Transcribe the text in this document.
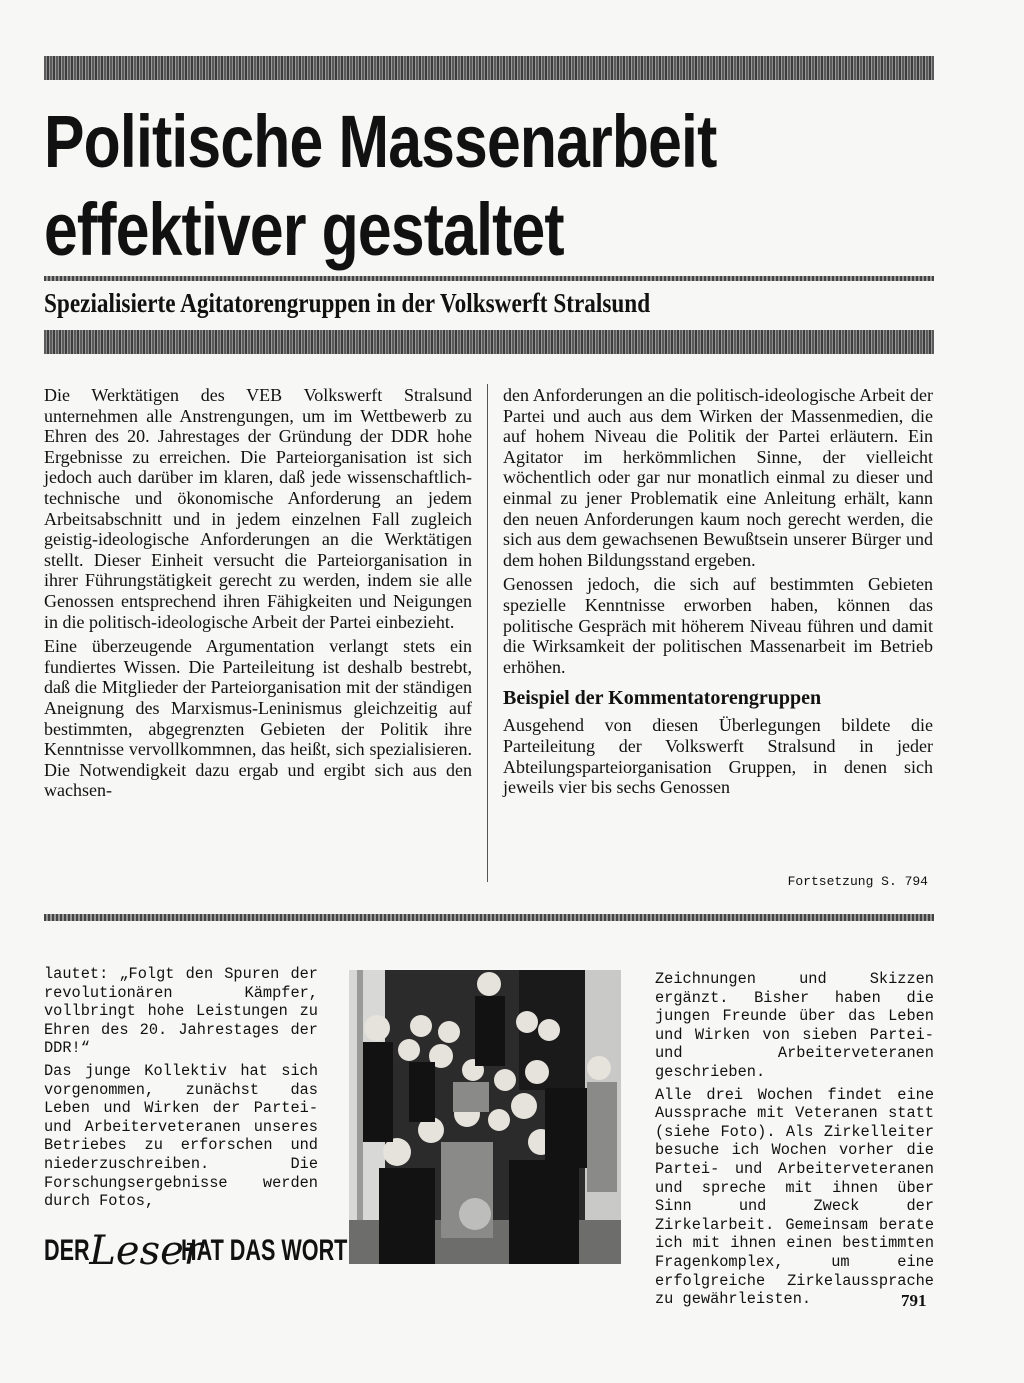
Politische Massenarbeit
effektiver gestaltet
Spezialisierte Agitatorengruppen in der Volkswerft Stralsund

Die Werktätigen des VEB Volkswerft Stralsund unternehmen alle Anstrengungen, um im Wettbewerb zu Ehren des 20. Jahrestages der Gründung der DDR hohe Ergebnisse zu erreichen. Die Parteiorganisation ist sich jedoch auch darüber im klaren, daß jede wissenschaftlich-technische und ökonomische Anforderung an jedem Arbeitsabschnitt und in jedem einzelnen Fall zugleich geistig-ideologische Anforderungen an die Werktätigen stellt. Dieser Einheit versucht die Parteiorganisation in ihrer Führungstätigkeit gerecht zu werden, indem sie alle Genossen entsprechend ihren Fähigkeiten und Neigungen in die politisch-ideologische Arbeit der Partei einbezieht.

Eine überzeugende Argumentation verlangt stets ein fundiertes Wissen. Die Parteileitung ist deshalb bestrebt, daß die Mitglieder der Parteiorganisation mit der ständigen Aneignung des Marxismus-Leninismus gleichzeitig auf bestimmten, abgegrenzten Gebieten der Politik ihre Kenntnisse vervollkommnen, das heißt, sich spezialisieren. Die Notwendigkeit dazu ergab und ergibt sich aus den wachsen-

den Anforderungen an die politisch-ideologische Arbeit der Partei und auch aus dem Wirken der Massenmedien, die auf hohem Niveau die Politik der Partei erläutern. Ein Agitator im herkömmlichen Sinne, der vielleicht wöchentlich oder gar nur monatlich einmal zu dieser und einmal zu jener Problematik eine Anleitung erhält, kann den neuen Anforderungen kaum noch gerecht werden, die sich aus dem gewachsenen Bewußtsein unserer Bürger und dem hohen Bildungsstand ergeben.

Genossen jedoch, die sich auf bestimmten Gebieten spezielle Kenntnisse erworben haben, können das politische Gespräch mit höherem Niveau führen und damit die Wirksamkeit der politischen Massenarbeit im Betrieb erhöhen.

Beispiel der Kommentatorengruppen

Ausgehend von diesen Überlegungen bildete die Parteileitung der Volkswerft Stralsund in jeder Abteilungsparteiorganisation Gruppen, in denen sich jeweils vier bis sechs Genossen

Fortsetzung S. 794

lautet: „Folgt den Spuren der revolutionären Kämpfer, vollbringt hohe Leistungen zu Ehren des 20. Jahrestages der DDR!“

Das junge Kollektiv hat sich vorgenommen, zunächst das Leben und Wirken der Partei- und Arbeiterveteranen unseres Betriebes zu erforschen und niederzuschreiben. Die Forschungsergebnisse werden durch Fotos,

Zeichnungen und Skizzen ergänzt. Bisher haben die jungen Freunde über das Leben und Wirken von sieben Partei- und Arbeiterveteranen geschrieben.

Alle drei Wochen findet eine Aussprache mit Veteranen statt (siehe Foto). Als Zirkelleiter besuche ich Wochen vorher die Partei- und Arbeiterveteranen und spreche mit ihnen über Sinn und Zweck der Zirkelarbeit. Gemeinsam berate ich mit ihnen einen bestimmten Fragenkomplex, um eine erfolgreiche Zirkelaussprache zu gewährleisten.

DER Leser
HAT DAS WORT
791
